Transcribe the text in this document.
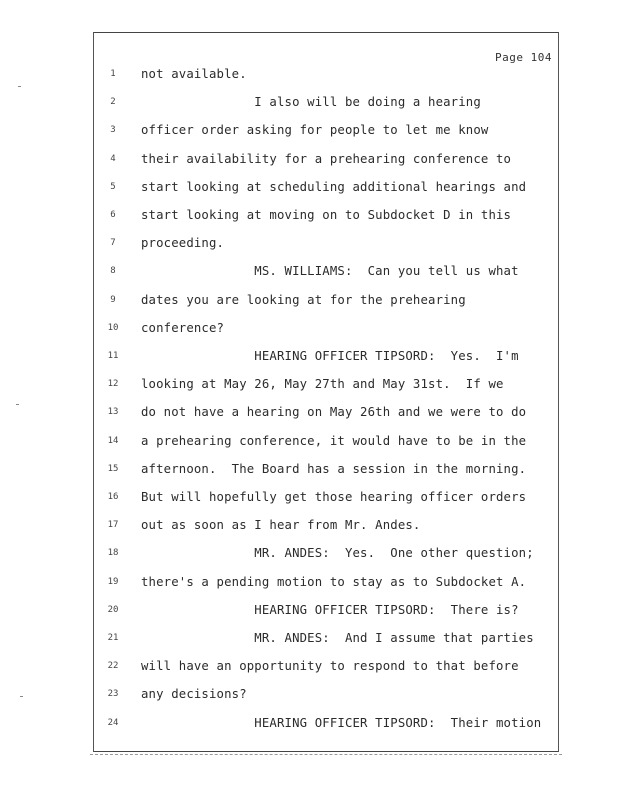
Page 104
1	not available.
2	I also will be doing a hearing
3	officer order asking for people to let me know
4	their availability for a prehearing conference to
5	start looking at scheduling additional hearings and
6	start looking at moving on to Subdocket D in this
7	proceeding.
8	MS. WILLIAMS:  Can you tell us what
9	dates you are looking at for the prehearing
10	conference?
11	HEARING OFFICER TIPSORD:  Yes.  I'm
12	looking at May 26, May 27th and May 31st.  If we
13	do not have a hearing on May 26th and we were to do
14	a prehearing conference, it would have to be in the
15	afternoon.  The Board has a session in the morning.
16	But will hopefully get those hearing officer orders
17	out as soon as I hear from Mr. Andes.
18	MR. ANDES:  Yes.  One other question;
19	there's a pending motion to stay as to Subdocket A.
20	HEARING OFFICER TIPSORD:  There is?
21	MR. ANDES:  And I assume that parties
22	will have an opportunity to respond to that before
23	any decisions?
24	HEARING OFFICER TIPSORD:  Their motion
